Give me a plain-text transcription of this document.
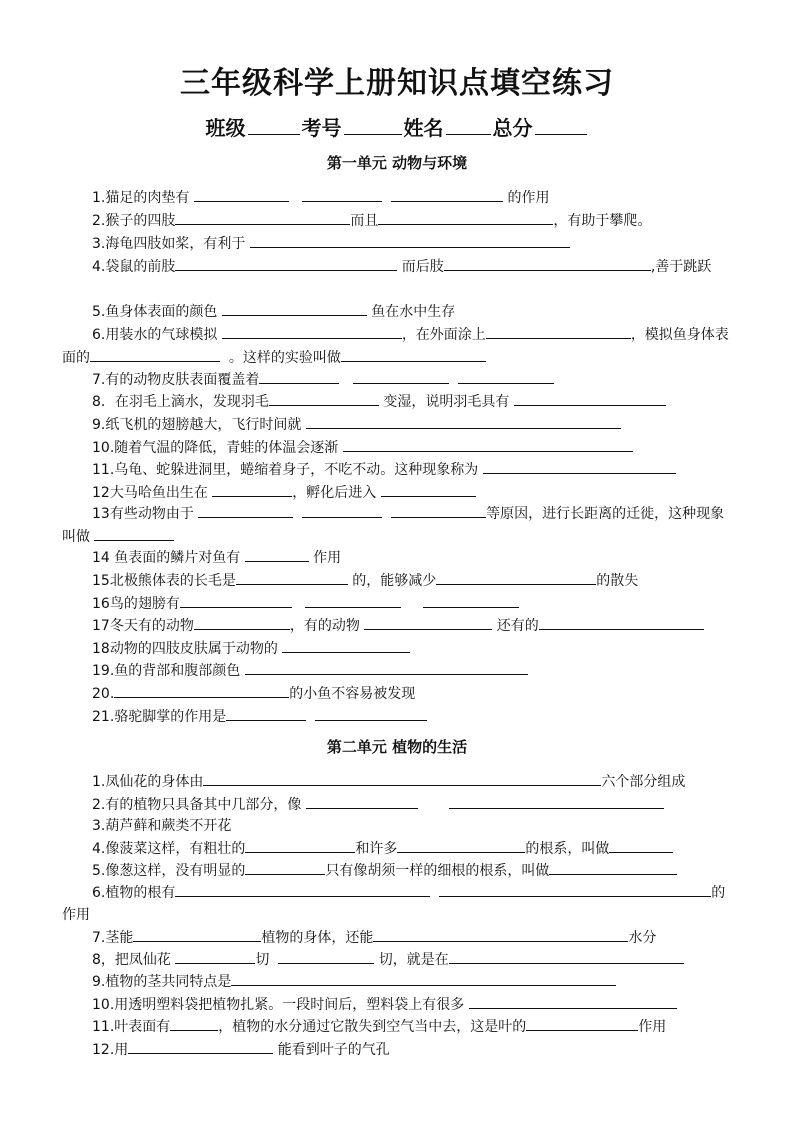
三年级科学上册知识点填空练习
班级	考号	姓名 总分
第一单元 动物与环境
1.猫足的肉垫有	的作用
2.猴子的四肢	而且	，有助于攀爬。
3.海龟四肢如桨，有利于
4.袋鼠的前肢	而后肢	,善于跳跃
5.鱼身体表面的颜色	鱼在水中生存
6.用装水的气球模拟	，在外面涂上	，模拟鱼身体表面的	。这样的实验叫做
7.有的动物皮肤表面覆盖着
8．在羽毛上滴水，发现羽毛	变湿，说明羽毛具有
9.纸飞机的翅膀越大，飞行时间就
10.随着气温的降低，青蛙的体温会逐渐
11.乌龟、蛇躲进洞里，蜷缩着身子，不吃不动。这种现象称为
12大马哈鱼出生在	，孵化后进入
13有些动物由于	等原因，进行长距离的迁徙，这种现象叫做
14 鱼表面的鳞片对鱼有	作用
15北极熊体表的长毛是	的，能够减少	的散失
16鸟的翅膀有
17冬天有的动物	，有的动物	还有的
18动物的四肢皮肤属于动物的
19.鱼的背部和腹部颜色
20.	的小鱼不容易被发现
21.骆驼脚掌的作用是
第二单元 植物的生活
1.凤仙花的身体由	六个部分组成
2.有的植物只具备其中几部分，像
3.葫芦藓和蕨类不开花
4.像菠菜这样，有粗壮的	和许多	的根系，叫做
5.像葱这样，没有明显的	只有像胡须一样的细根的根系，叫做
6.植物的根有	的作用
7.茎能	植物的身体，还能	水分
8，把凤仙花	切	切，就是在
9.植物的茎共同特点是
10.用透明塑料袋把植物扎紧。一段时间后，塑料袋上有很多
11.叶表面有	，植物的水分通过它散失到空气当中去，这是叶的	作用
12.用	能看到叶子的气孔
